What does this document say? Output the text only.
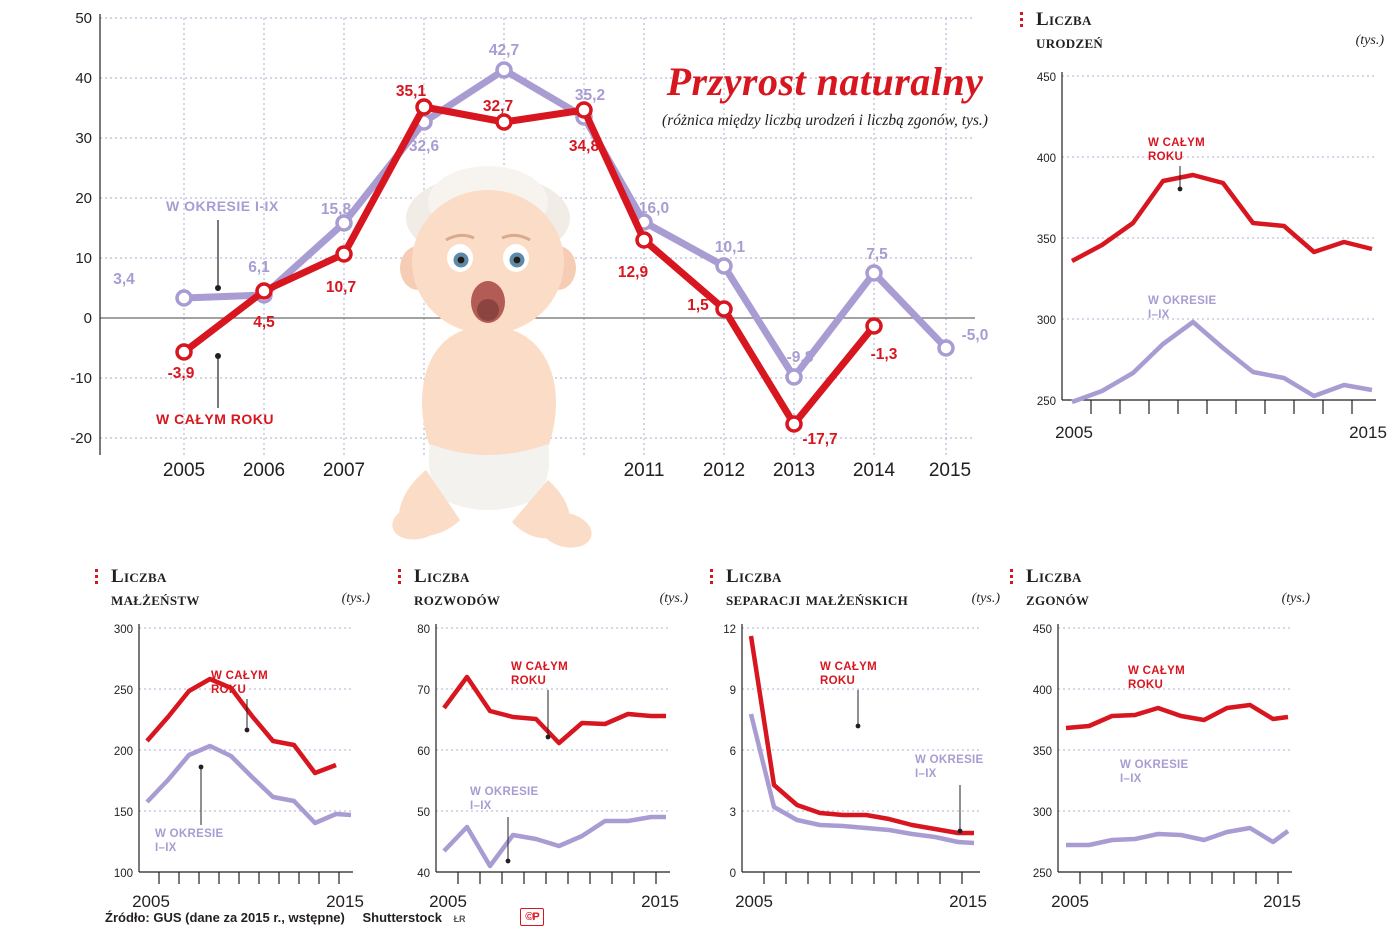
50
40
30
20
10
0
-10
-20
3,4
6,1
15,8
32,6
42,7
35,2
16,0
10,1
-9,8
7,5
-5,0
-3,9
4,5
10,7
35,1
32,7
34,8
12,9
1,5
-17,7
-1,3
W OKRESIE I-IX
W CAŁYM ROKU
2005 2006 2007	2011 2012 2013 2014 2015
Przyrost naturalny
(różnica między liczbą urodzeń i liczbą zgonów, tys.)
Liczba
urodzeń	(tys.)
450
400
350
300
250
W CAŁYM
ROKU
W OKRESIE
I–IX
2005	2015
Liczba
małżeństw	(tys.)
300
250
200
150
100
W CAŁYM
ROKU
W OKRESIE
I–IX
2005	2015
Liczba
rozwodów	(tys.)
80
70
60
50
40
W CAŁYM
ROKU
W OKRESIE
I–IX
2005	2015
Liczba
separacji małżeńskich	(tys.)
12
9
6
3
0
W CAŁYM
ROKU
W OKRESIE
I–IX
2005	2015
Liczba
zgonów	(tys.)
450
400
350
300
250
W CAŁYM
ROKU
W OKRESIE
I–IX
2005	2015
Źródło: GUS (dane za 2015 r., wstępne) Shutterstock ŁR	©P
